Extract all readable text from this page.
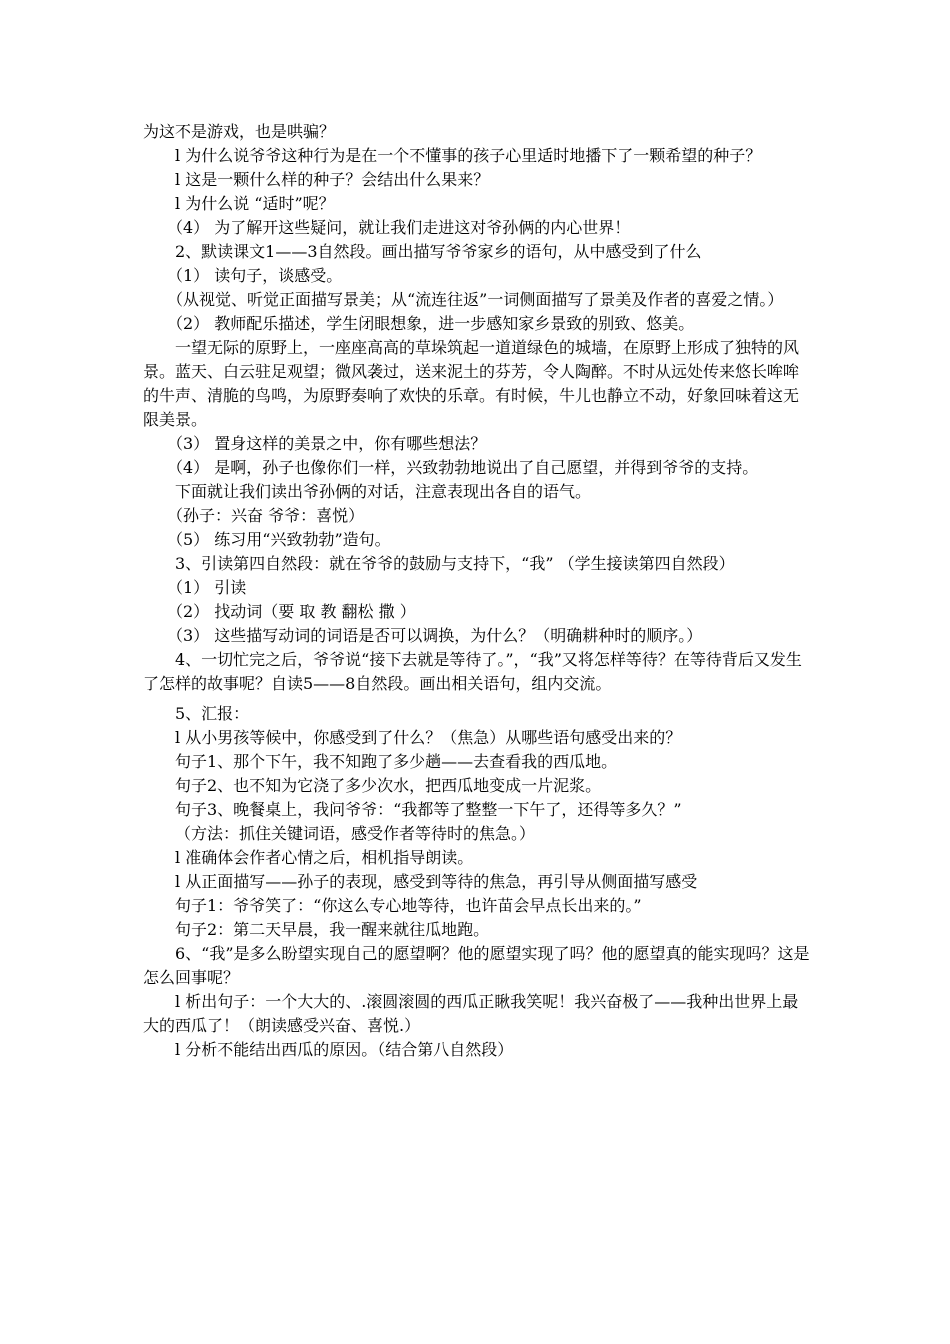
为这不是游戏，也是哄骗？

l 为什么说爷爷这种行为是在一个不懂事的孩子心里适时地播下了一颗希望的种子？

l 这是一颗什么样的种子？会结出什么果来？

l 为什么说 “适时”呢？

（4） 为了解开这些疑问，就让我们走进这对爷孙俩的内心世界！

2、默读课文1——3自然段。画出描写爷爷家乡的语句，从中感受到了什么

（1） 读句子，谈感受。

（从视觉、听觉正面描写景美；从“流连往返”一词侧面描写了景美及作者的喜爱之情。）

（2） 教师配乐描述，学生闭眼想象，进一步感知家乡景致的别致、悠美。

一望无际的原野上，一座座高高的草垛筑起一道道绿色的城墙，在原野上形成了独特的风景。蓝天、白云驻足观望；微风袭过，送来泥土的芬芳，令人陶醉。不时从远处传来悠长哞哞的牛声、清脆的鸟鸣，为原野奏响了欢快的乐章。有时候，牛儿也静立不动，好象回味着这无限美景。

（3） 置身这样的美景之中，你有哪些想法？

（4） 是啊，孙子也像你们一样，兴致勃勃地说出了自己愿望，并得到爷爷的支持。

下面就让我们读出爷孙俩的对话，注意表现出各自的语气。

（孙子：兴奋 爷爷：喜悦）

（5） 练习用“兴致勃勃”造句。

3、引读第四自然段：就在爷爷的鼓励与支持下，“我” （学生接读第四自然段）

（1） 引读

（2） 找动词（要 取 教 翻松 撒 ）

（3） 这些描写动词的词语是否可以调换，为什么？（明确耕种时的顺序。）

4、一切忙完之后，爷爷说“接下去就是等待了。”，“我”又将怎样等待？在等待背后又发生了怎样的故事呢？自读5——8自然段。画出相关语句，组内交流。

5、汇报：

l 从小男孩等候中，你感受到了什么？（焦急）从哪些语句感受出来的？

句子1、那个下午，我不知跑了多少趟——去查看我的西瓜地。

句子2、也不知为它浇了多少次水，把西瓜地变成一片泥浆。

句子3、晚餐桌上，我问爷爷：“我都等了整整一下午了，还得等多久？”

（方法：抓住关键词语，感受作者等待时的焦急。）

l 准确体会作者心情之后，相机指导朗读。

l 从正面描写——孙子的表现，感受到等待的焦急，再引导从侧面描写感受

句子1：爷爷笑了：“你这么专心地等待，也许苗会早点长出来的。”

句子2：第二天早晨，我一醒来就往瓜地跑。

6、“我”是多么盼望实现自己的愿望啊？他的愿望实现了吗？他的愿望真的能实现吗？这是怎么回事呢？

l 析出句子：一个大大的、.滚圆滚圆的西瓜正瞅我笑呢！我兴奋极了——我种出世界上最大的西瓜了！（朗读感受兴奋、喜悦.）

l 分析不能结出西瓜的原因。（结合第八自然段）
